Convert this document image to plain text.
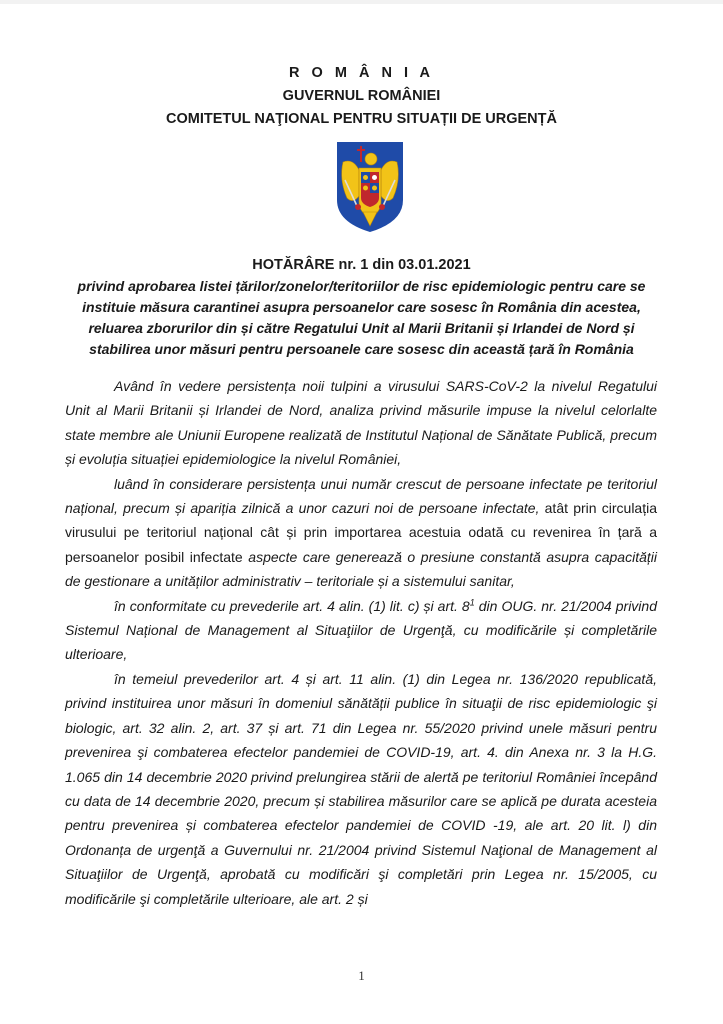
R O M Â N I A
GUVERNUL ROMÂNIEI
COMITETUL NAŢIONAL PENTRU SITUAȚII DE URGENȚĂ
HOTĂRÂRE nr. 1 din 03.01.2021
privind aprobarea listei țărilor/zonelor/teritoriilor de risc epidemiologic pentru care se instituie măsura carantinei asupra persoanelor care sosesc în România din acestea, reluarea zborurilor din și către Regatului Unit al Marii Britanii și Irlandei de Nord și stabilirea unor măsuri pentru persoanele care sosesc din această țară în România

Având în vedere persistența noii tulpini a virusului SARS-CoV-2 la nivelul Regatului Unit al Marii Britanii și Irlandei de Nord, analiza privind măsurile impuse la nivelul celorlalte state membre ale Uniunii Europene realizată de Institutul Național de Sănătate Publică, precum și evoluția situației epidemiologice la nivelul României,

luând în considerare persistența unui număr crescut de persoane infectate pe teritoriul național, precum și apariția zilnică a unor cazuri noi de persoane infectate, atât prin circulația virusului pe teritoriul național cât și prin importarea acestuia odată cu revenirea în țară a persoanelor posibil infectate aspecte care generează o presiune constantă asupra capacității de gestionare a unităților administrativ – teritoriale și a sistemului sanitar,

în conformitate cu prevederile art. 4 alin. (1) lit. c) și art. $8^1$ din OUG. nr. 21/2004 privind Sistemul Național de Management al Situaţiilor de Urgenţă, cu modificările și completările ulterioare,

în temeiul prevederilor art. 4 și art. 11 alin. (1) din Legea nr. 136/2020 republicată, privind instituirea unor măsuri în domeniul sănătății publice în situaţii de risc epidemiologic şi biologic, art. 32 alin. 2, art. 37 și art. 71 din Legea nr. 55/2020 privind unele măsuri pentru prevenirea şi combaterea efectelor pandemiei de COVID-19, art. 4. din Anexa nr. 3 la H.G. 1.065 din 14 decembrie 2020 privind prelungirea stării de alertă pe teritoriul României începând cu data de 14 decembrie 2020, precum și stabilirea măsurilor care se aplică pe durata acesteia pentru prevenirea și combaterea efectelor pandemiei de COVID -19, ale art. 20 lit. l) din Ordonanța de urgenţă a Guvernului nr. 21/2004 privind Sistemul Naţional de Management al Situaţiilor de Urgenţă, aprobată cu modificări şi completări prin Legea nr. 15/2005, cu modificările şi completările ulterioare, ale art. 2 și

1
